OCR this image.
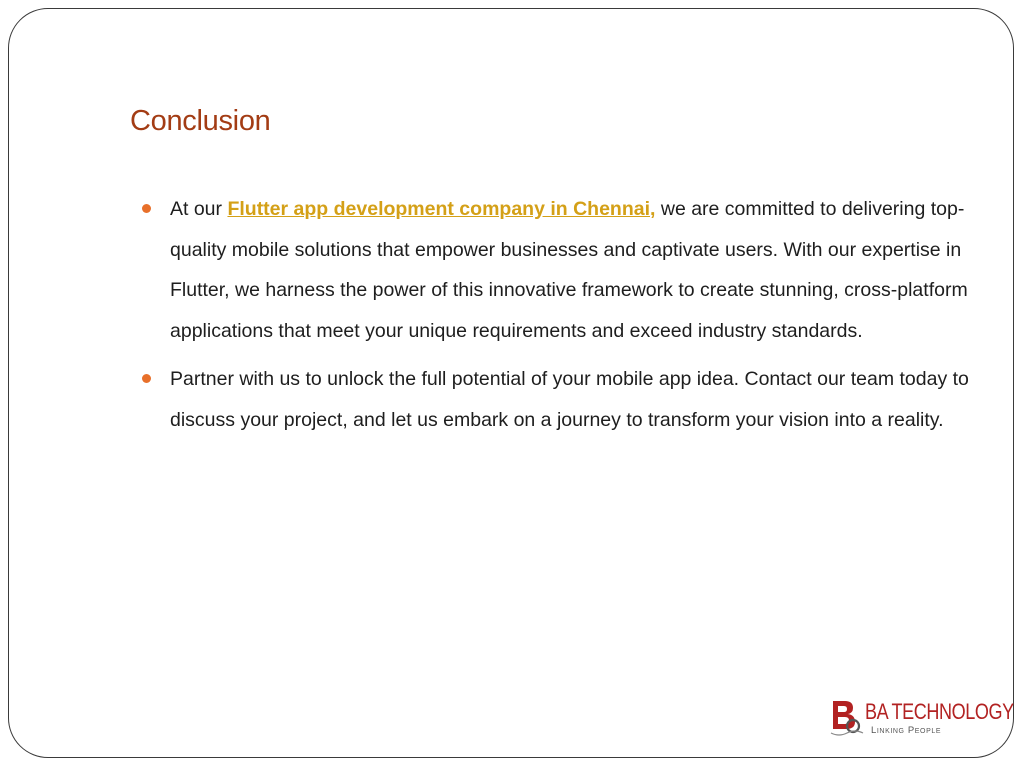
Conclusion
At our Flutter app development company in Chennai, we are committed to delivering top-quality mobile solutions that empower businesses and captivate users. With our expertise in Flutter, we harness the power of this innovative framework to create stunning, cross-platform applications that meet your unique requirements and exceed industry standards.
Partner with us to unlock the full potential of your mobile app idea. Contact our team today to discuss your project, and let us embark on a journey to transform your vision into a reality.
BA TECHNOLOGY
Linking People
